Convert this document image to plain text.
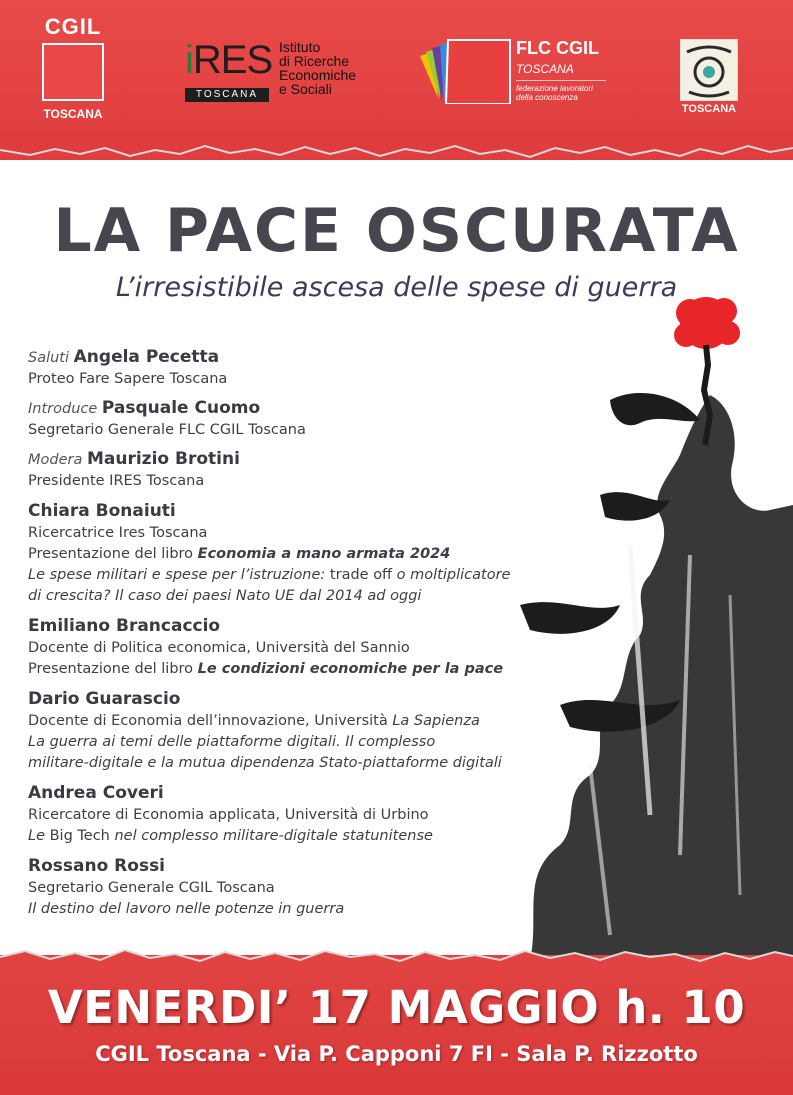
CGIL
TOSCANA
iRES
TOSCANA
Istituto
di Ricerche
Economiche
e Sociali
FLC CGIL
TOSCANA
federazione lavoratori
della conoscenza
TOSCANA
LA PACE OSCURATA
L’irresistibile ascesa delle spese di guerra
Saluti Angela Pecetta
Proteo Fare Sapere Toscana
Introduce Pasquale Cuomo
Segretario Generale FLC CGIL Toscana
Modera Maurizio Brotini
Presidente IRES Toscana
Chiara Bonaiuti
Ricercatrice Ires Toscana
Presentazione del libro Economia a mano armata 2024
Le spese militari e spese per l’istruzione: trade off o moltiplicatore
di crescita? Il caso dei paesi Nato UE dal 2014 ad oggi
Emiliano Brancaccio
Docente di Politica economica, Università del Sannio
Presentazione del libro Le condizioni economiche per la pace
Dario Guarascio
Docente di Economia dell’innovazione, Università La Sapienza
La guerra ai temi delle piattaforme digitali. Il complesso
militare-digitale e la mutua dipendenza Stato-piattaforme digitali
Andrea Coveri
Ricercatore di Economia applicata, Università di Urbino
Le Big Tech nel complesso militare-digitale statunitense
Rossano Rossi
Segretario Generale CGIL Toscana
Il destino del lavoro nelle potenze in guerra
VENERDI’ 17 MAGGIO h. 10
CGIL Toscana - Via P. Capponi 7 FI - Sala P. Rizzotto
